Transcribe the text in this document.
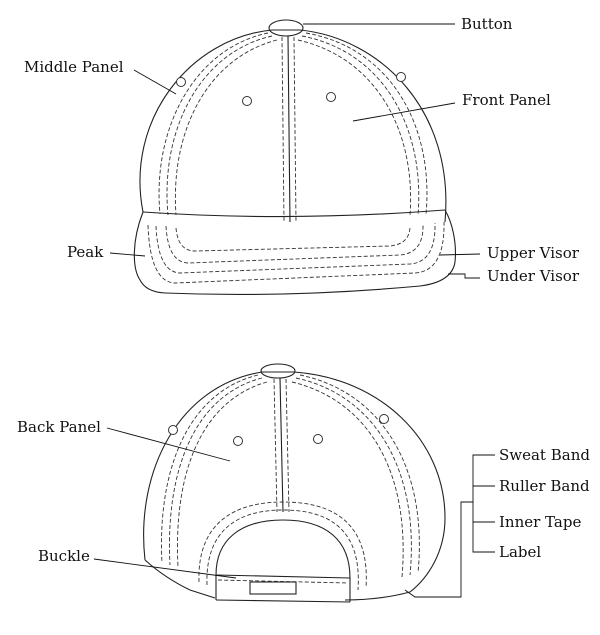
Button
Middle Panel
Front Panel
Peak	Upper Visor
Under Visor
Back Panel
Buckle
Sweat Band
Ruller Band
Inner Tape
Label
